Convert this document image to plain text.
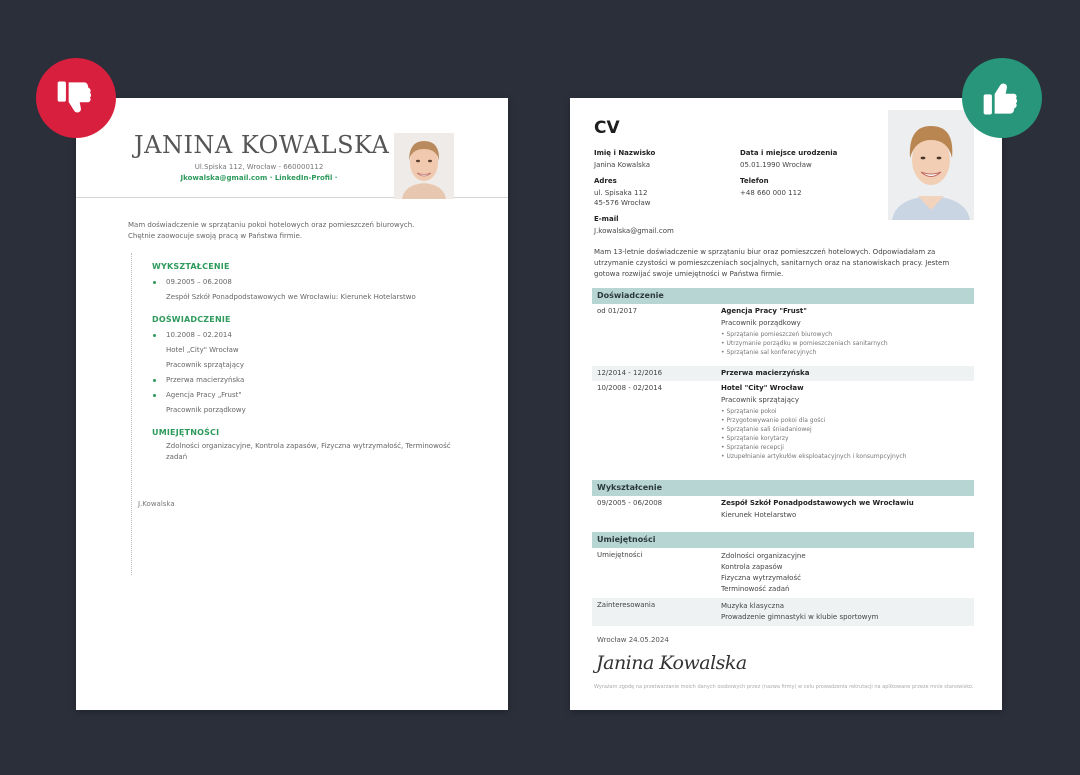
JANINA KOWALSKA
Ul.Spiska 112, Wrocław - 660000112
Jkowalska@gmail.com · LinkedIn-Profil ·
Mam doświadczenie w sprzątaniu pokoi hotelowych oraz pomieszczeń biurowych. Chętnie zaowocuje swoją pracą w Państwa firmie.
WYKSZTAŁCENIE
09.2005 – 06.2008
Zespół Szkół Ponadpodstawowych we Wrocławiu: Kierunek Hotelarstwo
DOŚWIADCZENIE
10.2008 – 02.2014
Hotel „City" Wrocław
Pracownik sprzątający
Przerwa macierzyńska
Agencja Pracy „Frust"
Pracownik porządkowy
UMIEJĘTNOŚCI
Zdolności organizacyjne, Kontrola zapasów, Fizyczna wytrzymałość, Terminowość zadań
J.Kowalska
CV
Imię i Nazwisko
Janina Kowalska
Adres
ul. Spisaka 112
45-576 Wrocław
E-mail
J.kowalska@gmail.com
Data i miejsce urodzenia
05.01.1990 Wrocław
Telefon
+48 660 000 112
Mam 13-letnie doświadczenie w sprzątaniu biur oraz pomieszczeń hotelowych. Odpowiadałam za utrzymanie czystości w pomieszczeniach socjalnych, sanitarnych oraz na stanowiskach pracy. Jestem gotowa rozwijać swoje umiejętności w Państwa firmie.
Doświadczenie
od 01/2017	Agencja Pracy "Frust"
Pracownik porządkowy
• Sprzątanie pomieszczeń biurowych
• Utrzymanie porządku w pomieszczeniach sanitarnych
• Sprzątanie sal konferecyjnych
12/2014 - 12/2016	Przerwa macierzyńska
10/2008 - 02/2014	Hotel "City" Wrocław
Pracownik sprzątający
• Sprzątanie pokoi
• Przygotowywanie pokoi dla gości
• Sprzątanie sali śniadaniowej
• Sprzątanie korytarzy
• Sprzątanie recepcji
• Uzupełnianie artykułów eksploatacyjnych i konsumpcyjnych
Wykształcenie
09/2005 - 06/2008	Zespół Szkół Ponadpodstawowych we Wrocławiu
Kierunek Hotelarstwo
Umiejętności
Umiejętności	Zdolności organizacyjne
Kontrola zapasów
Fizyczna wytrzymałość
Terminowość zadań
Zainteresowania	Muzyka klasyczna
Prowadzenie gimnastyki w klubie sportowym
Wrocław 24.05.2024
Janina Kowalska
Wyrażam zgodę na przetwarzanie moich danych osobowych przez (nazwa firmy) w celu prowadzenia rekrutacji na aplikowane przeze mnie stanowisko.
